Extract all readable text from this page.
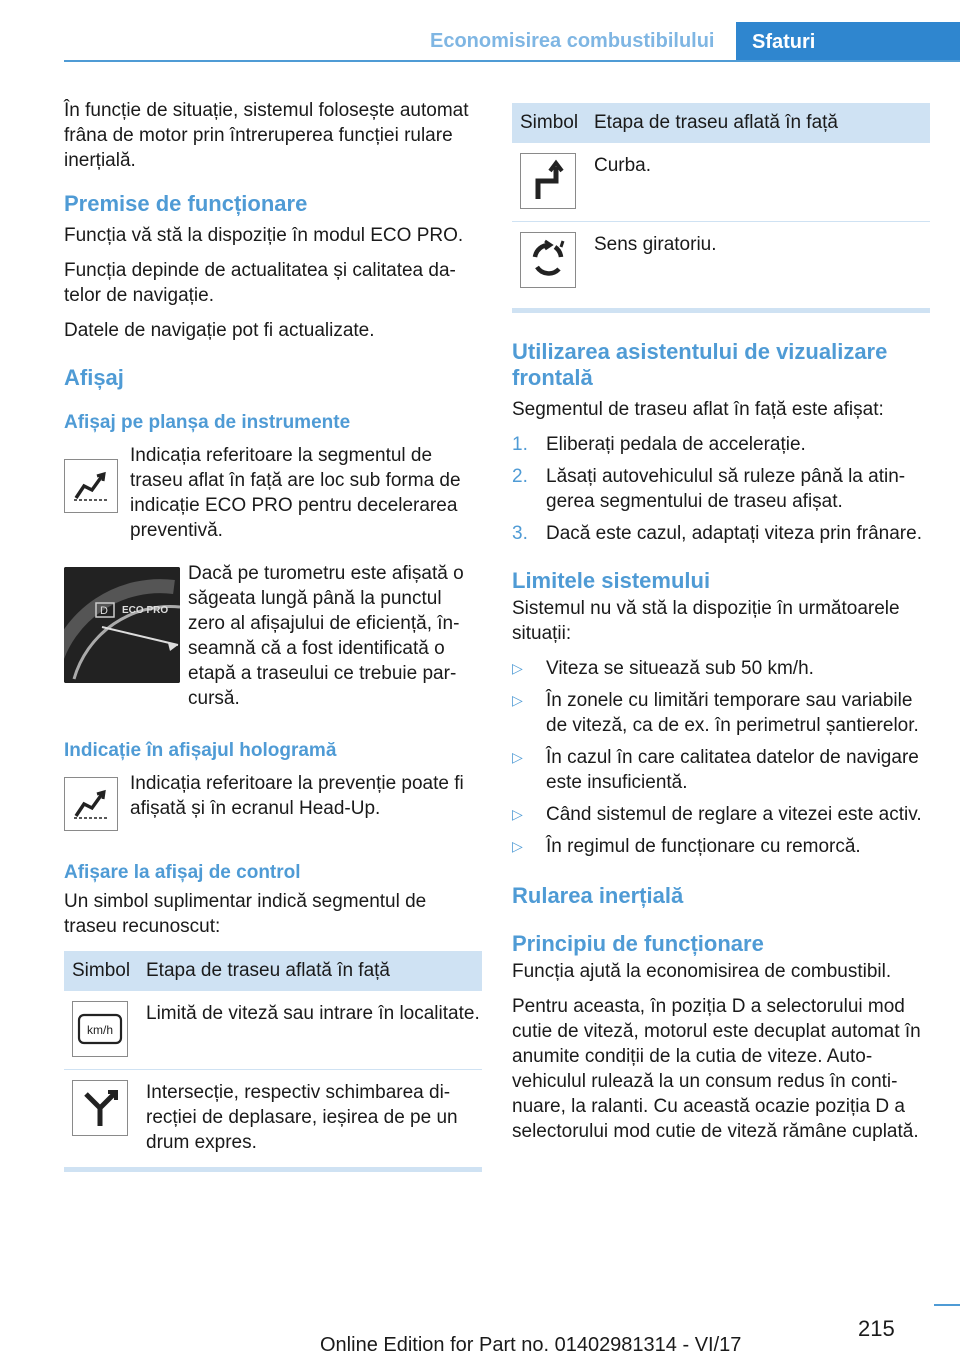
Economisirea combustibilului	Sfaturi

În funcție de situație, sistemul folosește automat frâna de motor prin întreruperea funcției rulare inerțială.

Premise de funcționare

Funcția vă stă la dispoziție în modul ECO PRO.

Funcția depinde de actualitatea și calitatea datelor de navigație.

Datele de navigație pot fi actualizate.

Afișaj
Afișaj pe planșa de instrumente

Indicația referitoare la segmentul de traseu aflat în față are loc sub forma de indicație ECO PRO pentru decelerarea preventivă.

D ECO PRO

Dacă pe turometru este afișată o săgeata lungă până la punctul zero al afișajului de eficiență, înseamnă că a fost identificată o etapă a traseului ce trebuie parcursă.

Indicație în afișajul hologramă

Indicația referitoare la prevenție poate fi afișată și în ecranul Head-Up.

Afișare la afișaj de control

Un simbol suplimentar indică segmentul de traseu recunoscut:

Simbol	Etapa de traseu aflată în față

km/h	Limită de viteză sau intrare în localitate.

	Intersecție, respectiv schimbarea direcției de deplasare, ieșirea de pe un drum expres.
Simbol	Etapa de traseu aflată în față

	Curba.

	Sens giratoriu.
Utilizarea asistentului de vizualizare frontală

Segmentul de traseu aflat în față este afișat:

1. Eliberați pedala de accelerație.
2. Lăsați autovehiculul să ruleze până la atingerea segmentului de traseu afișat.
3. Dacă este cazul, adaptați viteza prin frânare.
Limitele sistemului

Sistemul nu vă stă la dispoziție în următoarele situații:

▷ Viteza se situează sub 50 km/h.
▷ În zonele cu limitări temporare sau variabile de viteză, ca de ex. în perimetrul șantierelor.
▷ În cazul în care calitatea datelor de navigare este insuficientă.
▷ Când sistemul de reglare a vitezei este activ.
▷ În regimul de funcționare cu remorcă.
Rularea inerțială
Principiu de funcționare

Funcția ajută la economisirea de combustibil.

Pentru aceasta, în poziția D a selectorului mod cutie de viteză, motorul este decuplat automat în anumite condiții de la cutia de viteze. Autovehiculul rulează la un consum redus în continuare, la ralanti. Cu această ocazie poziția D a selectorului mod cutie de viteză rămâne cuplată.

215
Online Edition for Part no. 01402981314 - VI/17
